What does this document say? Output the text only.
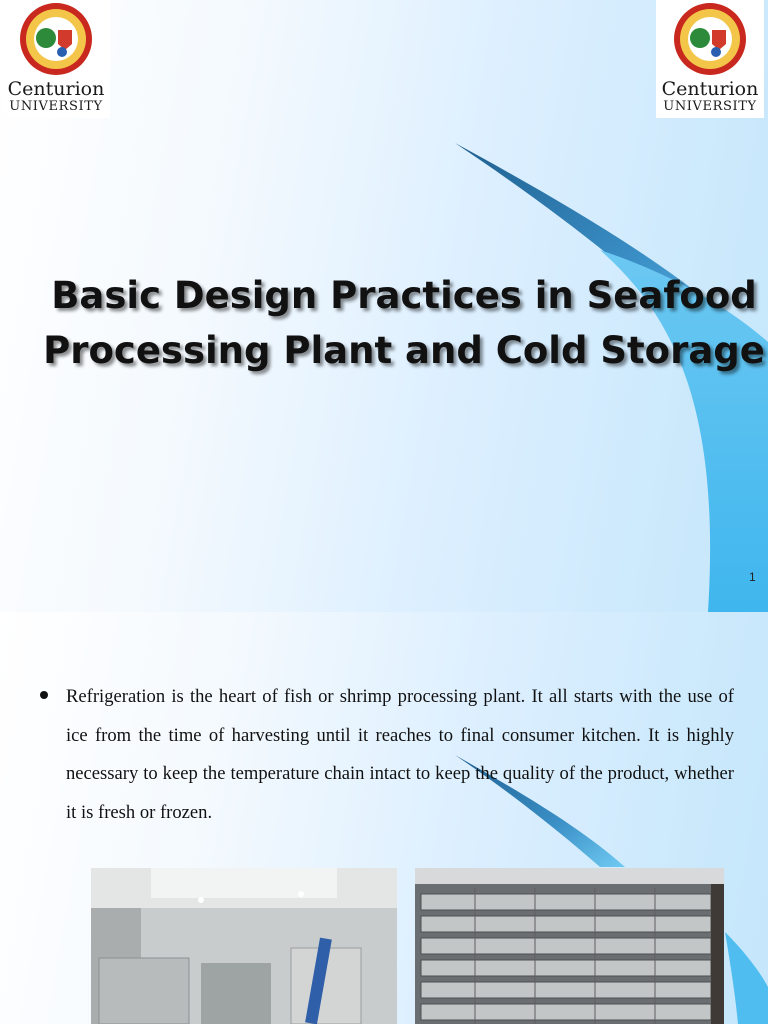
Centurion
UNIVERSITY
Centurion
UNIVERSITY
Basic Design Practices in Seafood Processing Plant and Cold Storage
1
Refrigeration is the heart of fish or shrimp processing plant. It all starts with the use of ice from the time of harvesting until it reaches to final consumer kitchen. It is highly necessary to keep the temperature chain intact to keep the quality of the product, whether it is fresh or frozen.
